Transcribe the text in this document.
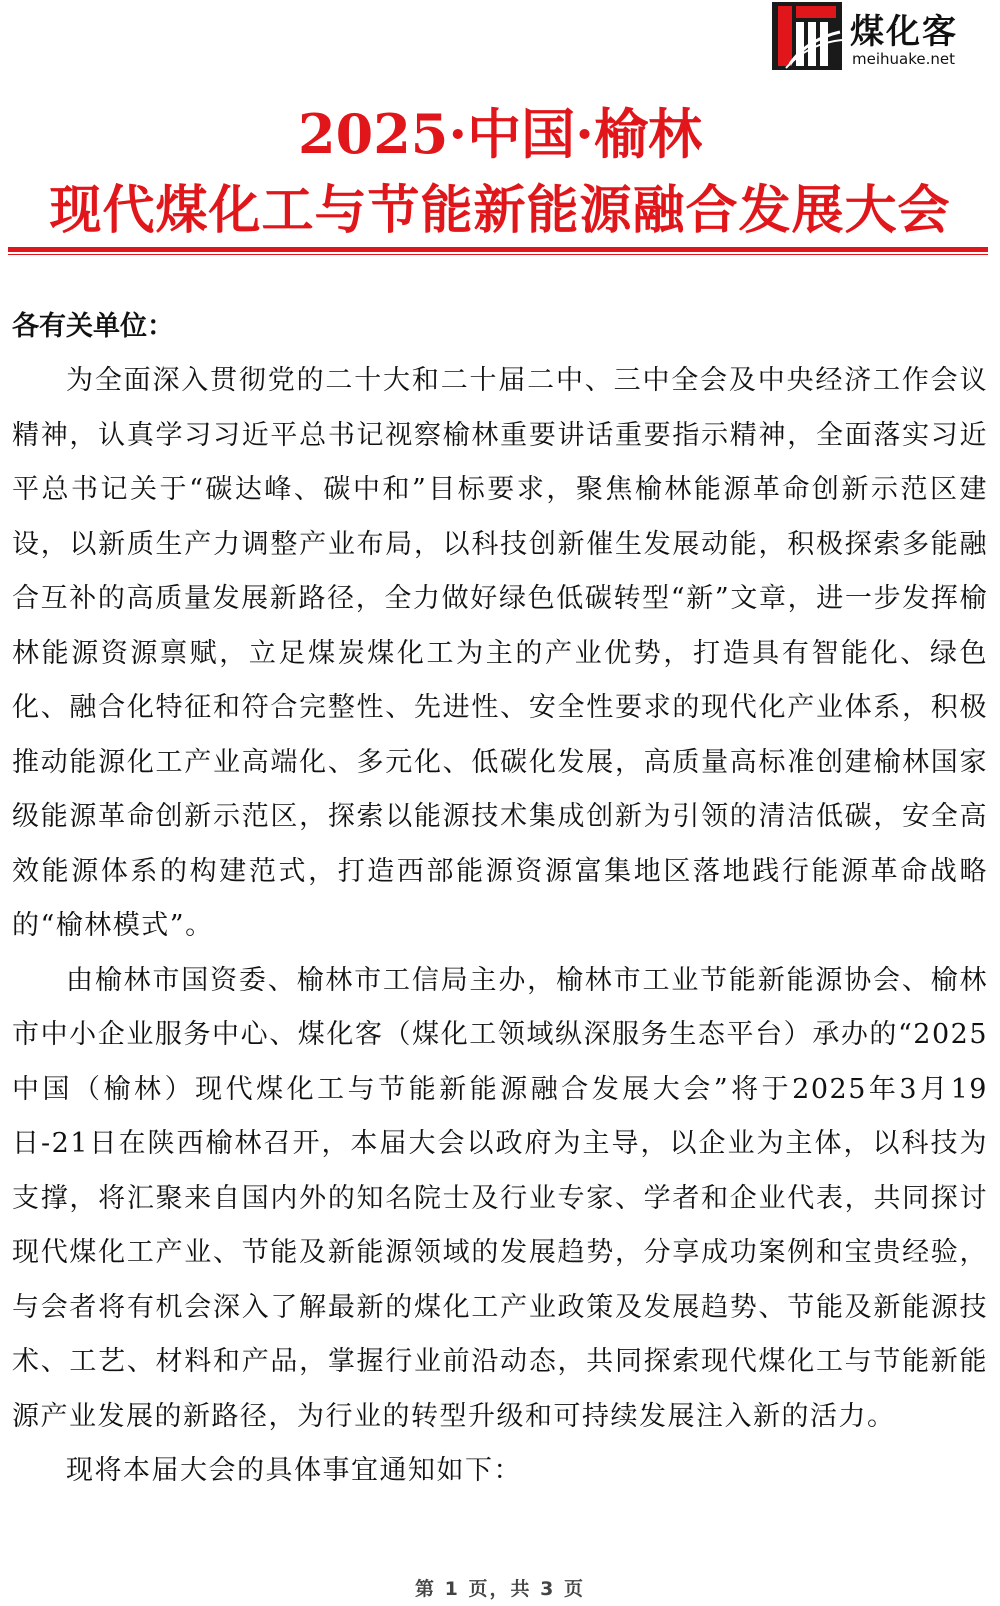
煤化客
meihuake.net
2025·中国·榆林
现代煤化工与节能新能源融合发展大会

各有关单位：

为全面深入贯彻党的二十大和二十届二中、三中全会及中央经济工作会议精神，认真学习习近平总书记视察榆林重要讲话重要指示精神，全面落实习近平总书记关于“碳达峰、碳中和”目标要求，聚焦榆林能源革命创新示范区建设，以新质生产力调整产业布局，以科技创新催生发展动能，积极探索多能融合互补的高质量发展新路径，全力做好绿色低碳转型“新”文章，进一步发挥榆林能源资源禀赋，立足煤炭煤化工为主的产业优势，打造具有智能化、绿色化、融合化特征和符合完整性、先进性、安全性要求的现代化产业体系，积极推动能源化工产业高端化、多元化、低碳化发展，高质量高标准创建榆林国家级能源革命创新示范区，探索以能源技术集成创新为引领的清洁低碳，安全高效能源体系的构建范式，打造西部能源资源富集地区落地践行能源革命战略的“榆林模式”。

由榆林市国资委、榆林市工信局主办，榆林市工业节能新能源协会、榆林市中小企业服务中心、煤化客（煤化工领域纵深服务生态平台）承办的“2025中国（榆林）现代煤化工与节能新能源融合发展大会”将于2025年3月19日-21日在陕西榆林召开，本届大会以政府为主导，以企业为主体，以科技为支撑，将汇聚来自国内外的知名院士及行业专家、学者和企业代表，共同探讨现代煤化工产业、节能及新能源领域的发展趋势，分享成功案例和宝贵经验，与会者将有机会深入了解最新的煤化工产业政策及发展趋势、节能及新能源技术、工艺、材料和产品，掌握行业前沿动态，共同探索现代煤化工与节能新能源产业发展的新路径，为行业的转型升级和可持续发展注入新的活力。

现将本届大会的具体事宜通知如下：

第 1 页，共 3 页
